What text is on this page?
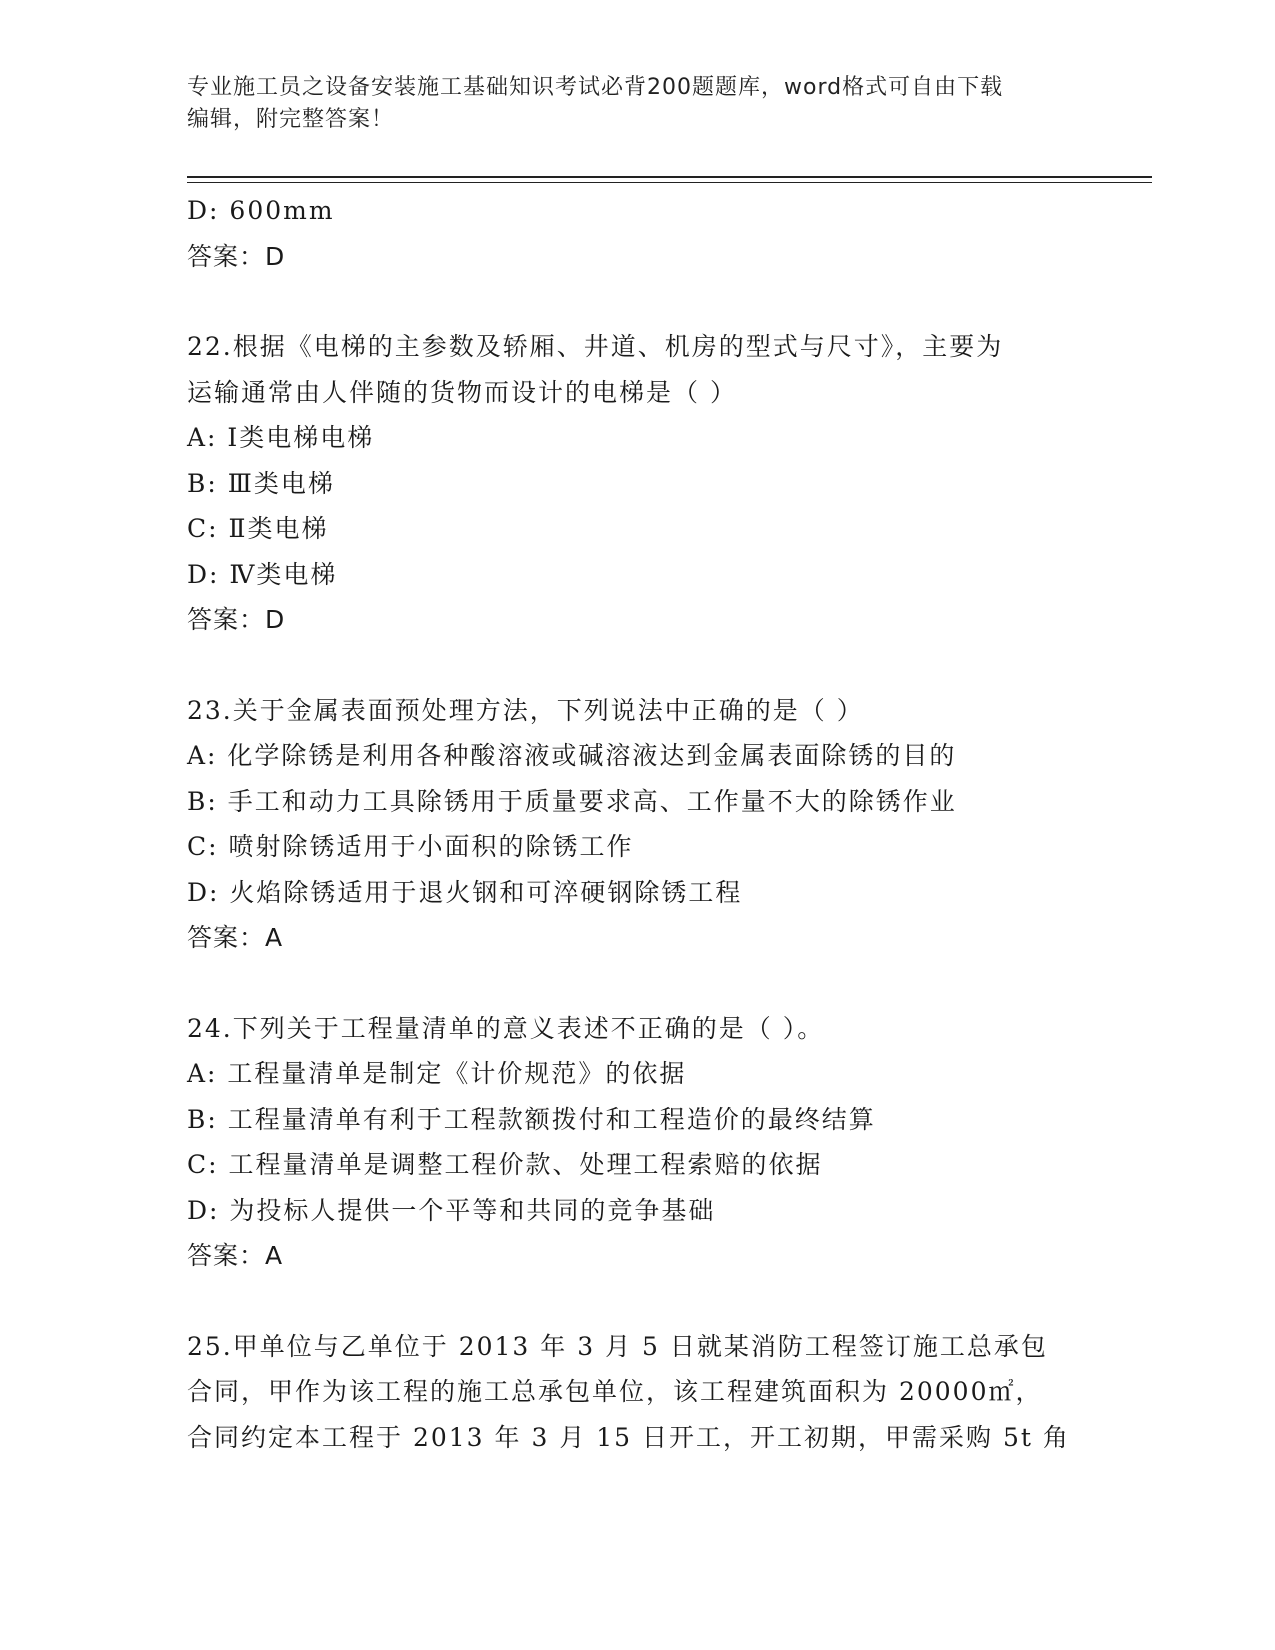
专业施工员之设备安装施工基础知识考试必背200题题库，word格式可自由下载
编辑，附完整答案！
D: 600mm
答案：D
22.根据《电梯的主参数及轿厢、井道、机房的型式与尺寸》，主要为
运输通常由人伴随的货物而设计的电梯是（ ）
A: Ⅰ类电梯电梯
B: Ⅲ类电梯
C: Ⅱ类电梯
D: Ⅳ类电梯
答案：D
23.关于金属表面预处理方法，下列说法中正确的是（ ）
A: 化学除锈是利用各种酸溶液或碱溶液达到金属表面除锈的目的
B: 手工和动力工具除锈用于质量要求高、工作量不大的除锈作业
C: 喷射除锈适用于小面积的除锈工作
D: 火焰除锈适用于退火钢和可淬硬钢除锈工程
答案：A
24.下列关于工程量清单的意义表述不正确的是（ ）。
A: 工程量清单是制定《计价规范》的依据
B: 工程量清单有利于工程款额拨付和工程造价的最终结算
C: 工程量清单是调整工程价款、处理工程索赔的依据
D: 为投标人提供一个平等和共同的竞争基础
答案：A
25.甲单位与乙单位于 2013 年 3 月 5 日就某消防工程签订施工总承包
合同，甲作为该工程的施工总承包单位，该工程建筑面积为 20000㎡，
合同约定本工程于 2013 年 3 月 15 日开工，开工初期，甲需采购 5t 角
